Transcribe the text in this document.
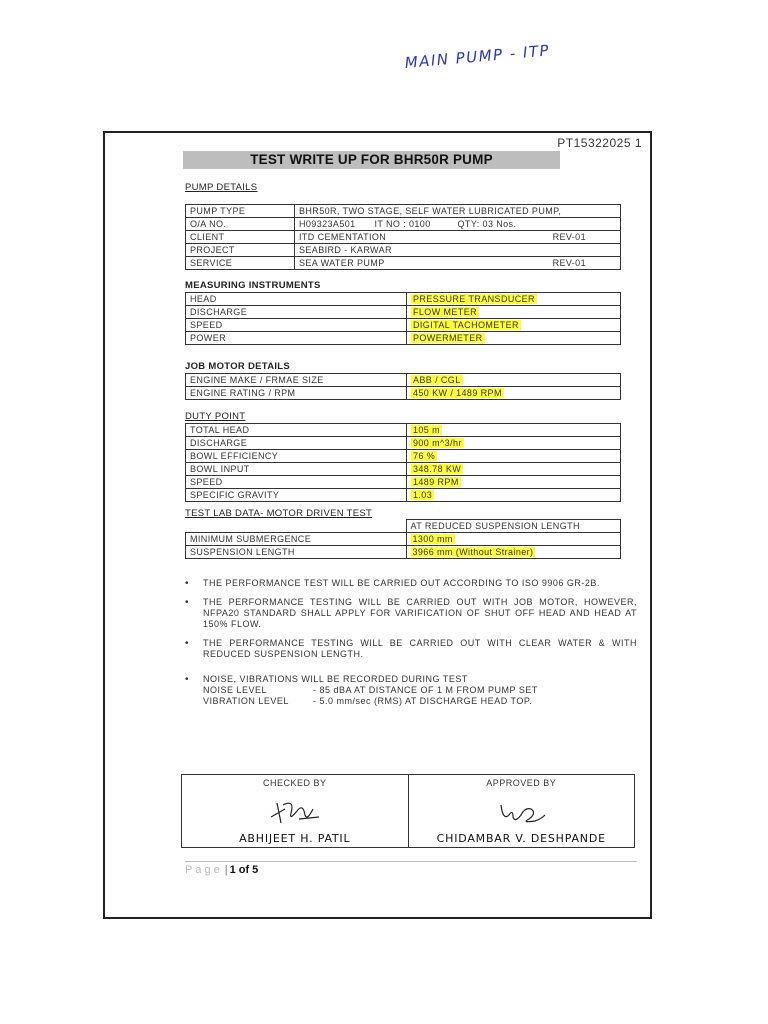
MAIN PUMP - ITP
PT15322025 1
TEST WRITE UP FOR BHR50R PUMP
PUMP DETAILS
PUMP TYPE	BHR50R, TWO STAGE, SELF WATER LUBRICATED PUMP,
O/A NO.	H09323A501 IT NO : 0100 QTY: 03 Nos.
CLIENT	ITD CEMENTATION REV-01

PROJECT	SEABIRD - KARWAR
SERVICE	SEA WATER PUMP REV-01
MEASURING INSTRUMENTS
HEAD	PRESSURE TRANSDUCER
DISCHARGE	FLOW METER
SPEED	DIGITAL TACHOMETER
POWER	POWERMETER
JOB MOTOR DETAILS
ENGINE MAKE / FRMAE SIZE	ABB / CGL
ENGINE RATING / RPM	450 KW / 1489 RPM
DUTY POINT
TOTAL HEAD	105 m
DISCHARGE	900 m^3/hr
BOWL EFFICIENCY	76 %
BOWL INPUT	348.78 KW
SPEED	1489 RPM
SPECIFIC GRAVITY	1.03
TEST LAB DATA- MOTOR DRIVEN TEST
	AT REDUCED SUSPENSION LENGTH
MINIMUM SUBMERGENCE	1300 mm
SUSPENSION LENGTH	3966 mm (Without Strainer)
• THE PERFORMANCE TEST WILL BE CARRIED OUT ACCORDING TO ISO 9906 GR-2B.
• THE PERFORMANCE TESTING WILL BE CARRIED OUT WITH JOB MOTOR, HOWEVER, NFPA20 STANDARD SHALL APPLY FOR VARIFICATION OF SHUT OFF HEAD AND HEAD AT 150% FLOW.
• THE PERFORMANCE TESTING WILL BE CARRIED OUT WITH CLEAR WATER & WITH REDUCED SUSPENSION LENGTH.
• NOISE, VIBRATIONS WILL BE RECORDED DURING TEST
NOISE LEVEL	- 85 dBA AT DISTANCE OF 1 M FROM PUMP SET
VIBRATION LEVEL	- 5.0 mm/sec (RMS) AT DISCHARGE HEAD TOP.
CHECKED BY
ABHIJEET H. PATIL
APPROVED BY
CHIDAMBAR V. DESHPANDE
Page | 1 of 5
